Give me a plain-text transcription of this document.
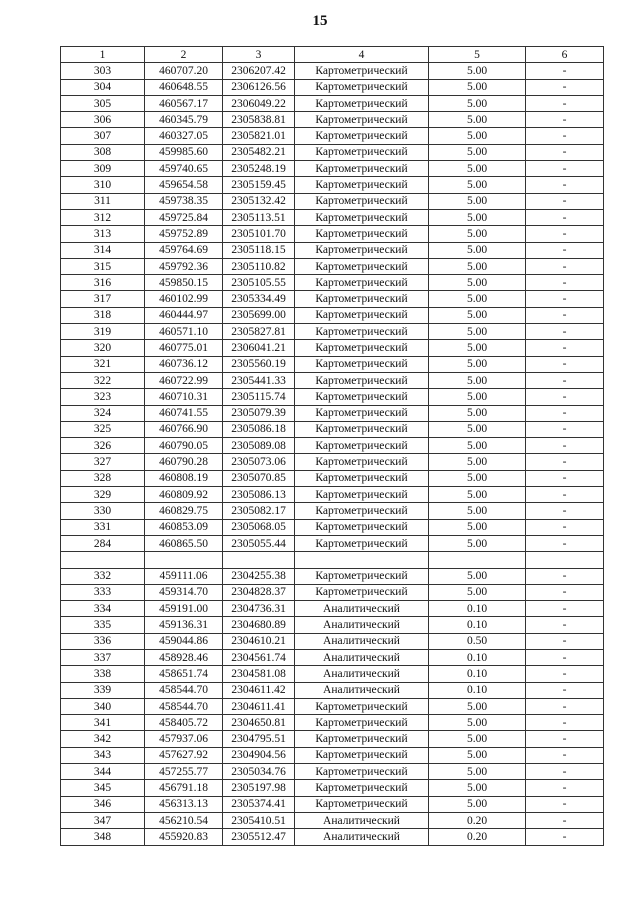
15
1	2	3	4	5	6
303	460707.20	2306207.42	Картометрический	5.00	-
304	460648.55	2306126.56	Картометрический	5.00	-
305	460567.17	2306049.22	Картометрический	5.00	-
306	460345.79	2305838.81	Картометрический	5.00	-
307	460327.05	2305821.01	Картометрический	5.00	-
308	459985.60	2305482.21	Картометрический	5.00	-
309	459740.65	2305248.19	Картометрический	5.00	-
310	459654.58	2305159.45	Картометрический	5.00	-
311	459738.35	2305132.42	Картометрический	5.00	-
312	459725.84	2305113.51	Картометрический	5.00	-
313	459752.89	2305101.70	Картометрический	5.00	-
314	459764.69	2305118.15	Картометрический	5.00	-
315	459792.36	2305110.82	Картометрический	5.00	-
316	459850.15	2305105.55	Картометрический	5.00	-
317	460102.99	2305334.49	Картометрический	5.00	-
318	460444.97	2305699.00	Картометрический	5.00	-
319	460571.10	2305827.81	Картометрический	5.00	-
320	460775.01	2306041.21	Картометрический	5.00	-
321	460736.12	2305560.19	Картометрический	5.00	-
322	460722.99	2305441.33	Картометрический	5.00	-
323	460710.31	2305115.74	Картометрический	5.00	-
324	460741.55	2305079.39	Картометрический	5.00	-
325	460766.90	2305086.18	Картометрический	5.00	-
326	460790.05	2305089.08	Картометрический	5.00	-
327	460790.28	2305073.06	Картометрический	5.00	-
328	460808.19	2305070.85	Картометрический	5.00	-
329	460809.92	2305086.13	Картометрический	5.00	-
330	460829.75	2305082.17	Картометрический	5.00	-
331	460853.09	2305068.05	Картометрический	5.00	-
284	460865.50	2305055.44	Картометрический	5.00	-

332	459111.06	2304255.38	Картометрический	5.00	-
333	459314.70	2304828.37	Картометрический	5.00	-
334	459191.00	2304736.31	Аналитический	0.10	-
335	459136.31	2304680.89	Аналитический	0.10	-
336	459044.86	2304610.21	Аналитический	0.50	-
337	458928.46	2304561.74	Аналитический	0.10	-
338	458651.74	2304581.08	Аналитический	0.10	-
339	458544.70	2304611.42	Аналитический	0.10	-
340	458544.70	2304611.41	Картометрический	5.00	-
341	458405.72	2304650.81	Картометрический	5.00	-
342	457937.06	2304795.51	Картометрический	5.00	-
343	457627.92	2304904.56	Картометрический	5.00	-
344	457255.77	2305034.76	Картометрический	5.00	-
345	456791.18	2305197.98	Картометрический	5.00	-
346	456313.13	2305374.41	Картометрический	5.00	-
347	456210.54	2305410.51	Аналитический	0.20	-
348	455920.83	2305512.47	Аналитический	0.20	-
